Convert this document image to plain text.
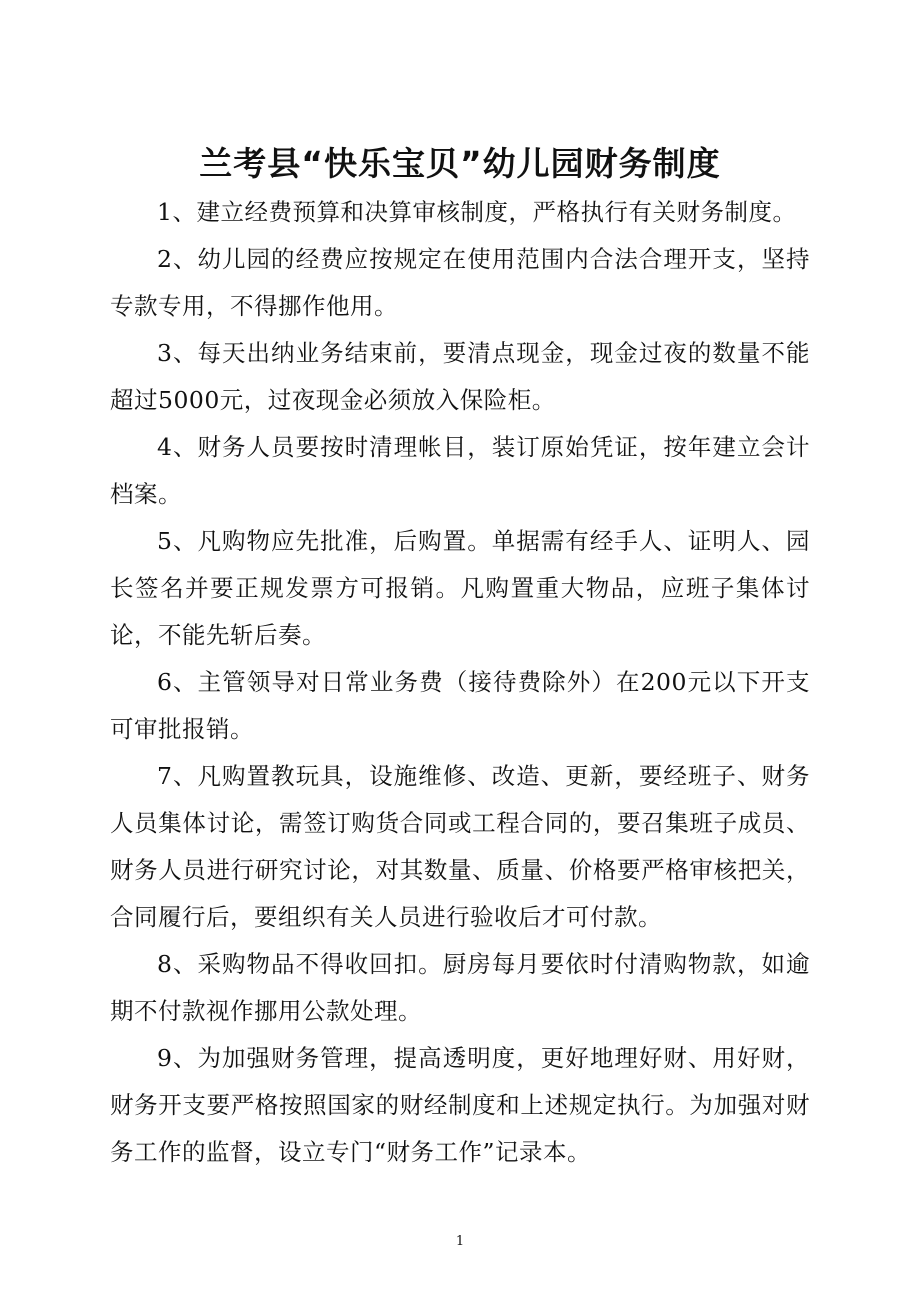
兰考县“快乐宝贝”幼儿园财务制度

1、建立经费预算和决算审核制度，严格执行有关财务制度。

2、幼儿园的经费应按规定在使用范围内合法合理开支，坚持专款专用，不得挪作他用。

3、每天出纳业务结束前，要清点现金，现金过夜的数量不能超过5000元，过夜现金必须放入保险柜。

4、财务人员要按时清理帐目，装订原始凭证，按年建立会计档案。

5、凡购物应先批准，后购置。单据需有经手人、证明人、园长签名并要正规发票方可报销。凡购置重大物品，应班子集体讨论，不能先斩后奏。

6、主管领导对日常业务费（接待费除外）在200元以下开支可审批报销。

7、凡购置教玩具，设施维修、改造、更新，要经班子、财务人员集体讨论，需签订购货合同或工程合同的，要召集班子成员、财务人员进行研究讨论，对其数量、质量、价格要严格审核把关，合同履行后，要组织有关人员进行验收后才可付款。

8、采购物品不得收回扣。厨房每月要依时付清购物款，如逾期不付款视作挪用公款处理。

9、为加强财务管理，提高透明度，更好地理好财、用好财，财务开支要严格按照国家的财经制度和上述规定执行。为加强对财务工作的监督，设立专门“财务工作”记录本。

1
